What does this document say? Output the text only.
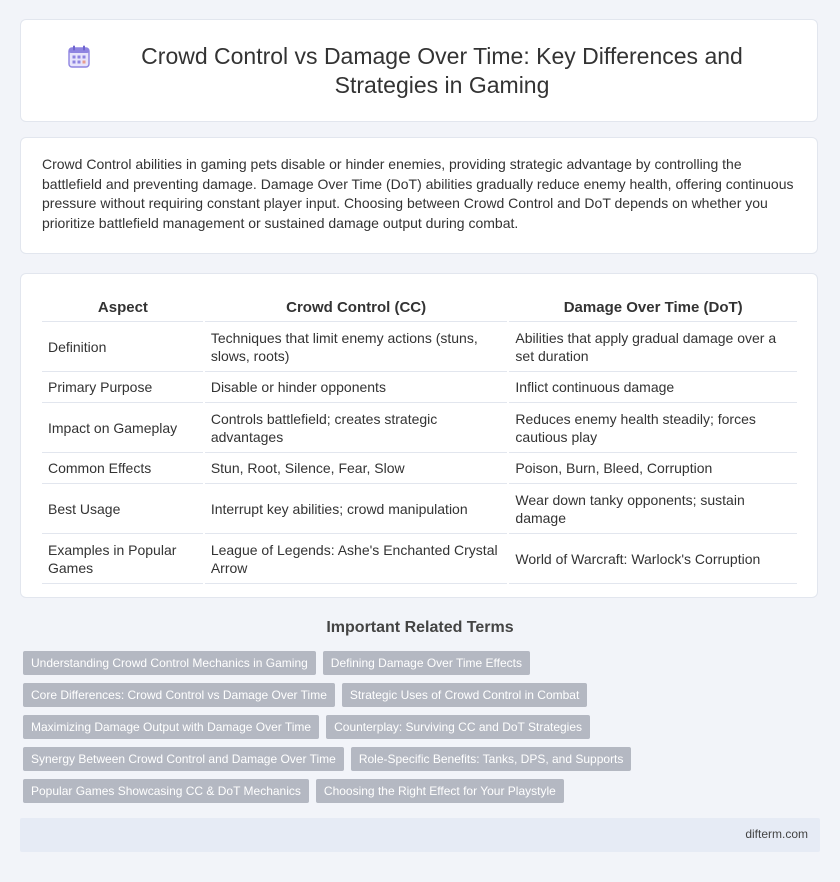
Crowd Control vs Damage Over Time: Key Differences and Strategies in Gaming

Crowd Control abilities in gaming pets disable or hinder enemies, providing strategic advantage by controlling the battlefield and preventing damage. Damage Over Time (DoT) abilities gradually reduce enemy health, offering continuous pressure without requiring constant player input. Choosing between Crowd Control and DoT depends on whether you prioritize battlefield management or sustained damage output during combat.

Aspect	Crowd Control (CC)	Damage Over Time (DoT)
Definition	Techniques that limit enemy actions (stuns, slows, roots)	Abilities that apply gradual damage over a set duration
Primary Purpose	Disable or hinder opponents	Inflict continuous damage
Impact on Gameplay	Controls battlefield; creates strategic advantages	Reduces enemy health steadily; forces cautious play
Common Effects	Stun, Root, Silence, Fear, Slow	Poison, Burn, Bleed, Corruption
Best Usage	Interrupt key abilities; crowd manipulation	Wear down tanky opponents; sustain damage
Examples in Popular Games	League of Legends: Ashe's Enchanted Crystal Arrow	World of Warcraft: Warlock's Corruption
Important Related Terms
Understanding Crowd Control Mechanics in Gaming	Defining Damage Over Time Effects
Core Differences: Crowd Control vs Damage Over Time	Strategic Uses of Crowd Control in Combat
Maximizing Damage Output with Damage Over Time	Counterplay: Surviving CC and DoT Strategies
Synergy Between Crowd Control and Damage Over Time	Role-Specific Benefits: Tanks, DPS, and Supports
Popular Games Showcasing CC & DoT Mechanics	Choosing the Right Effect for Your Playstyle
difterm.com
